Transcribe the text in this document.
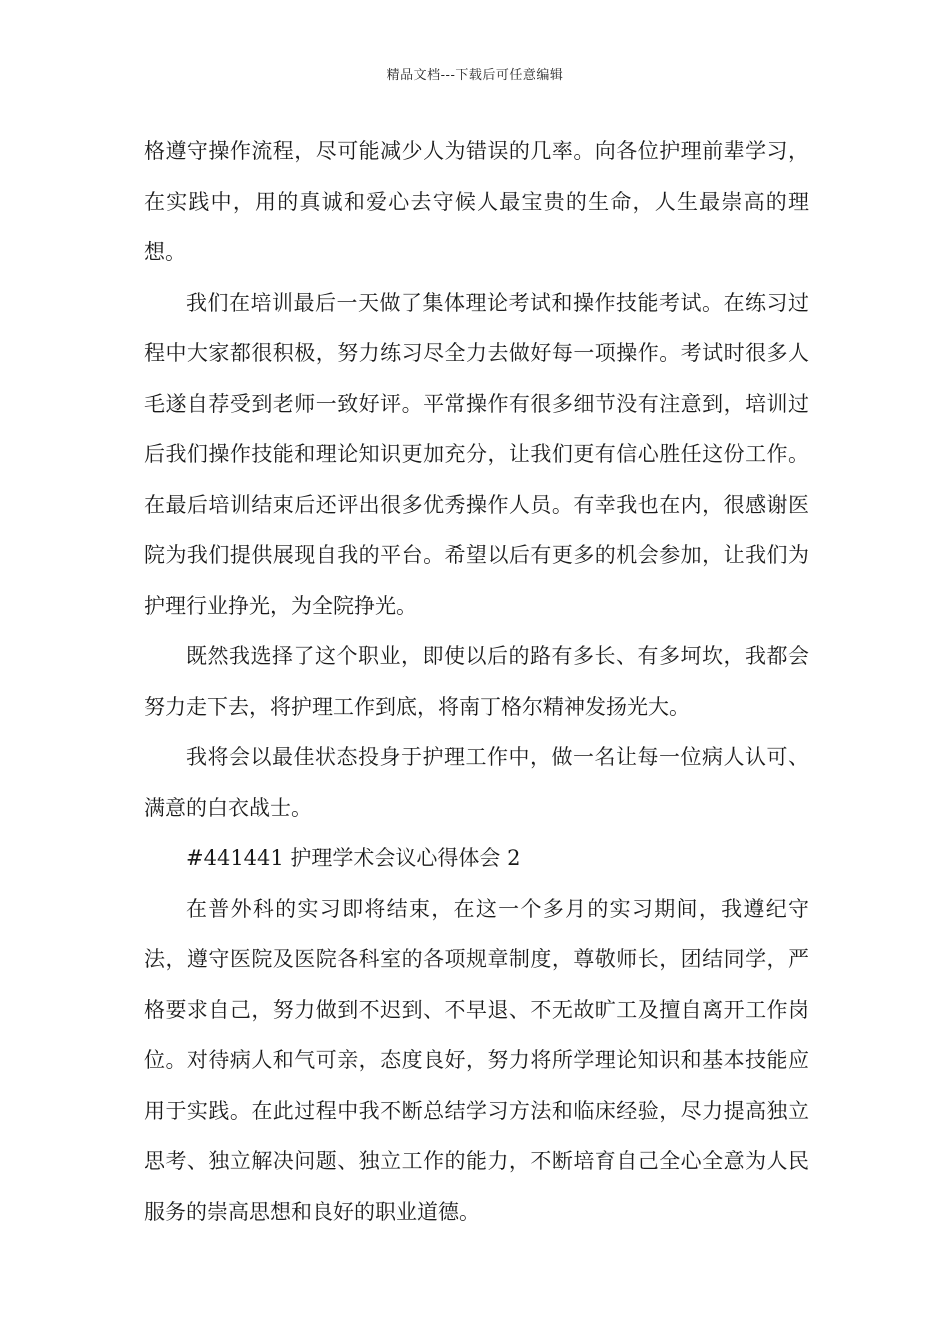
精品文档---下载后可任意编辑

格遵守操作流程，尽可能减少人为错误的几率。向各位护理前辈学习，在实践中，用的真诚和爱心去守候人最宝贵的生命，人生最崇高的理想。

我们在培训最后一天做了集体理论考试和操作技能考试。在练习过程中大家都很积极，努力练习尽全力去做好每一项操作。考试时很多人毛遂自荐受到老师一致好评。平常操作有很多细节没有注意到，培训过后我们操作技能和理论知识更加充分，让我们更有信心胜任这份工作。在最后培训结束后还评出很多优秀操作人员。有幸我也在内，很感谢医院为我们提供展现自我的平台。希望以后有更多的机会参加，让我们为护理行业挣光，为全院挣光。

既然我选择了这个职业，即使以后的路有多长、有多坷坎，我都会努力走下去，将护理工作到底，将南丁格尔精神发扬光大。

我将会以最佳状态投身于护理工作中，做一名让每一位病人认可、满意的白衣战士。

#441441 护理学术会议心得体会 2

在普外科的实习即将结束，在这一个多月的实习期间，我遵纪守法，遵守医院及医院各科室的各项规章制度，尊敬师长，团结同学，严格要求自己，努力做到不迟到、不早退、不无故旷工及擅自离开工作岗位。对待病人和气可亲，态度良好，努力将所学理论知识和基本技能应用于实践。在此过程中我不断总结学习方法和临床经验，尽力提高独立思考、独立解决问题、独立工作的能力，不断培育自己全心全意为人民服务的崇高思想和良好的职业道德。
